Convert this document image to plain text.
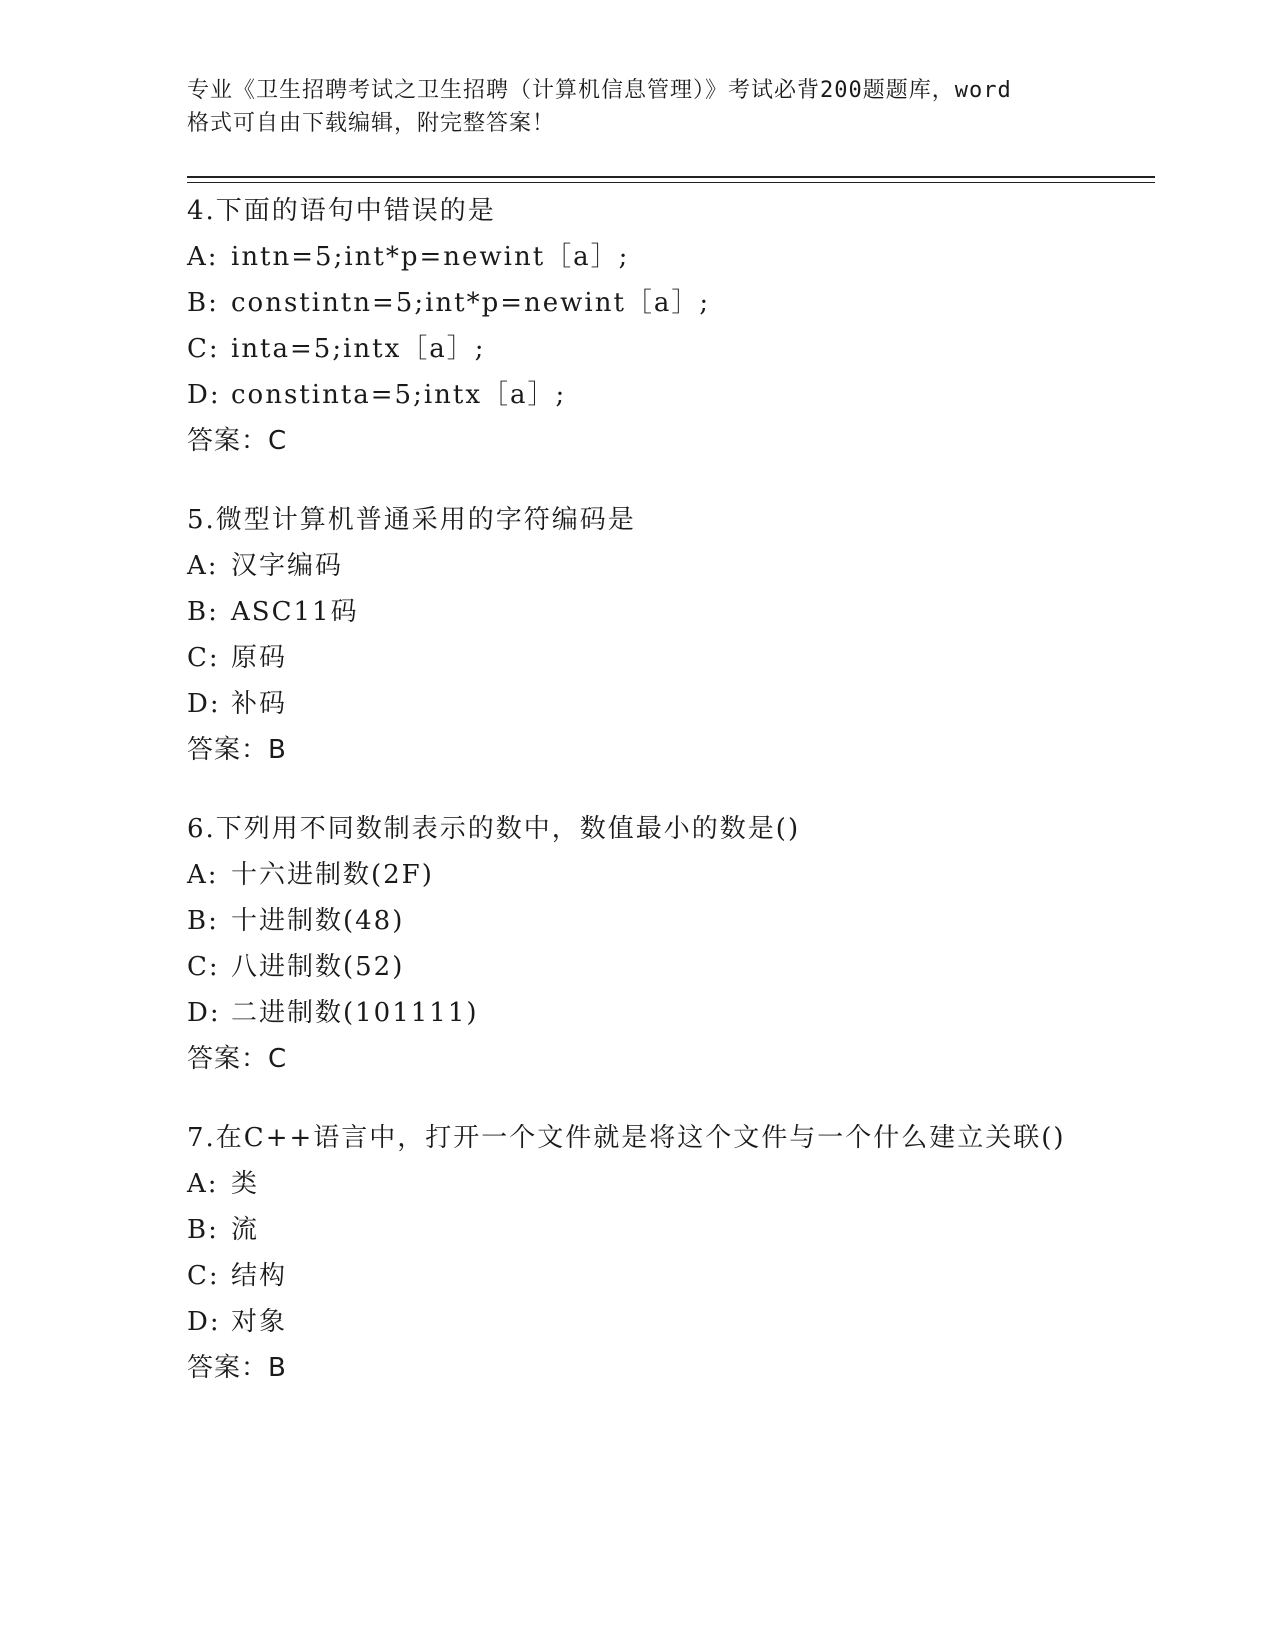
专业《卫生招聘考试之卫生招聘（计算机信息管理）》考试必背200题题库，word
格式可自由下载编辑，附完整答案！
4.下面的语句中错误的是
A: intn=5;int*p=newint［a］;
B: constintn=5;int*p=newint［a］;
C: inta=5;intx［a］;
D: constinta=5;intx［a］;
答案：C
5.微型计算机普通采用的字符编码是
A: 汉字编码
B: ASC11码
C: 原码
D: 补码
答案：B
6.下列用不同数制表示的数中，数值最小的数是()
A: 十六进制数(2F)
B: 十进制数(48)
C: 八进制数(52)
D: 二进制数(101111)
答案：C
7.在C++语言中，打开一个文件就是将这个文件与一个什么建立关联()
A: 类
B: 流
C: 结构
D: 对象
答案：B
